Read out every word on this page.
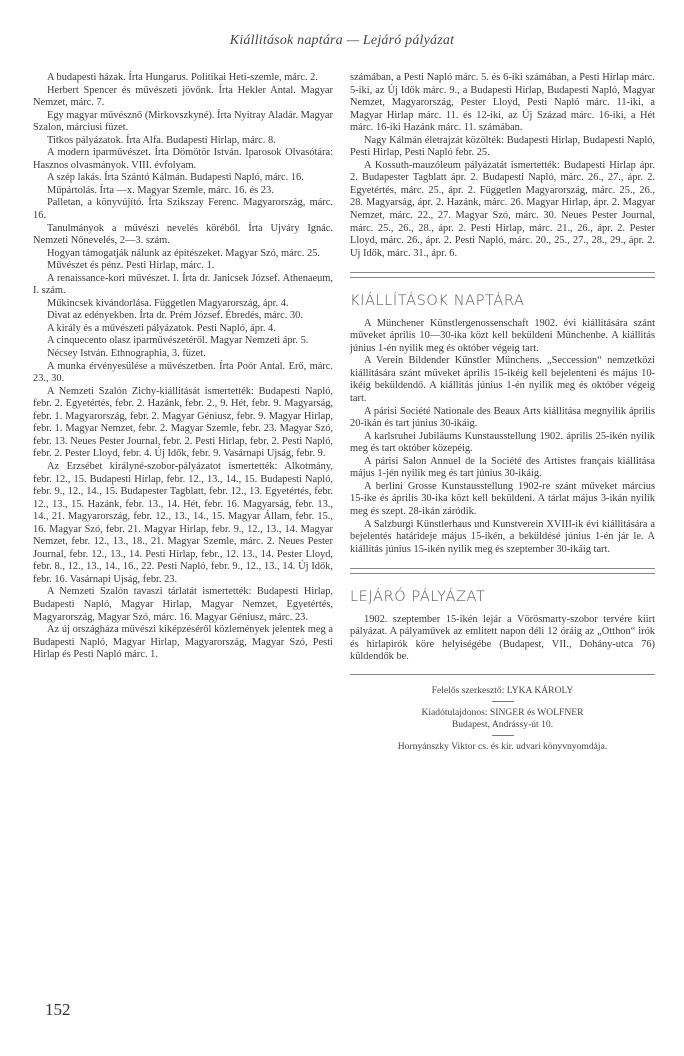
Kiállitások naptára — Lejáró pályázat

A budapesti házak. Írta Hungarus. Politikai Heti-szemle, márc. 2.

Herbert Spencer és művészeti jövőnk. Írta Hekler Antal. Magyar Nemzet, márc. 7.

Egy magyar művésznő (Mirkovszkyné). Írta Nyitray Aladár. Magyar Szalon, márciusi füzet.

Titkos pályázatok. Írta Alfa. Budapesti Hirlap, márc. 8.

A modern iparművészet. Írta Dömötör István. Iparosok Olvasótára: Hasznos olvasmányok. VIII. évfolyam.

A szép lakás. Írta Szántó Kálmán. Budapesti Napló, márc. 16.

Műpártolás. Írta —x. Magyar Szemle, márc. 16. és 23.

Palletan, a könyvújító. Írta Szikszay Ferenc. Magyarország, márc. 16.

Tanulmányok a művészi nevelés köréből. Írta Ujváry Ignác. Nemzeti Nőnevelés, 2—3. szám.

Hogyan támogatják nálunk az épitészeket. Magyar Szó, márc. 25.

Művészet és pénz. Pesti Hirlap, márc. 1.

A renaissance-kori művészet. I. Írta dr. Janicsek József. Athenaeum, I. szám.

Műkincsek kivándorlása. Független Magyarország, ápr. 4.

Divat az edényekben. Írta dr. Prém József. Ébredés, márc. 30.

A király és a művészeti pályázatok. Pesti Napló, ápr. 4.

A cinquecento olasz iparművészetéről. Magyar Nemzeti ápr. 5.

Nécsey István. Ethnographia, 3. füzet.

A munka érvényesülése a művészetben. Írta Poór Antal. Erő, márc. 23., 30.

A Nemzeti Szalón Zichy-kiállitását ismertették: Budapesti Napló, febr. 2. Egyetértés, febr. 2. Hazánk, febr. 2., 9. Hét, febr. 9. Magyarság, febr. 1. Magyarország, febr. 2. Magyar Géniusz, febr. 9. Magyar Hirlap, febr. 1. Magyar Nemzet, febr. 2. Magyar Szemle, febr. 23. Magyar Szó, febr. 13. Neues Pester Journal, febr. 2. Pesti Hirlap, febr. 2. Pesti Napló, febr. 2. Pester Lloyd, febr. 4. Új Idők, febr. 9. Vasárnapi Ujság, febr. 9.

Az Erzsébet királyné-szobor-pályázatot ismertették: Alkotmány, febr. 12., 15. Budapesti Hirlap, febr. 12., 13., 14., 15. Budapesti Napló, febr. 9., 12., 14., 15. Budapester Tagblatt, febr. 12., 13. Egyetértés, febr. 12., 13., 15. Hazánk, febr. 13., 14. Hét, febr. 16. Magyarság, febr. 13., 14., 21. Magyarország, febr. 12., 13., 14., 15. Magyar Állam, febr. 15., 16. Magyar Szó, febr. 21. Magyar Hirlap, febr. 9., 12., 13., 14. Magyar Nemzet, febr. 12., 13., 18., 21. Magyar Szemle, márc. 2. Neues Pester Journal, febr. 12., 13., 14. Pesti Hirlap, febr., 12. 13., 14. Pester Lloyd, febr. 8., 12., 13., 14., 16., 22. Pesti Napló, febr. 9., 12., 13., 14. Új Idők, febr. 16. Vasárnapi Ujság, febr. 23.

A Nemzeti Szalón tavaszi tárlatát ismertették: Budapesti Hirlap, Budapesti Napló, Magyar Hirlap, Magyar Nemzet, Egyetértés, Magyarország, Magyar Szó, márc. 16. Magyar Géniusz, márc. 23.

Az új országháza művészi kiképzéséről közlemények jelentek meg a Budapesti Napló, Magyar Hirlap, Magyarország, Magyar Szó, Pesti Hirlap és Pesti Napló márc. 1.

számában, a Pesti Napló márc. 5. és 6-iki számában, a Pesti Hirlap márc. 5-iki, az Új Idők márc. 9., a Budapesti Hirlap, Budapesti Napló, Magyar Nemzet, Magyarország, Pester Lloyd, Pesti Napló márc. 11-iki, a Magyar Hirlap márc. 11. és 12-iki, az Új Század márc. 16-iki, a Hét márc. 16-iki Hazánk márc. 11. számában.

Nagy Kálmán életrajzát közölték: Budapesti Hirlap, Budapesti Napló, Pesti Hirlap, Pesti Napló febr. 25.

A Kossuth-mauzóleum pályázatát ismertették: Budapesti Hirlap ápr. 2. Budapester Tagblatt ápr. 2. Budapesti Napló, márc. 26., 27., ápr. 2. Egyetértés, márc. 25., ápr. 2. Független Magyarország, márc. 25., 26., 28. Magyarság, ápr. 2. Hazánk, márc. 26. Magyar Hirlap, ápr. 2. Magyar Nemzet, márc. 22., 27. Magyar Szó, márc. 30. Neues Pester Journal, márc. 25., 26., 28., ápr. 2. Pesti Hirlap, márc. 21., 26., ápr. 2. Pester Lloyd, márc. 26., ápr. 2. Pesti Napló, márc. 20., 25., 27., 28., 29., ápr. 2. Uj Idők, márc. 31., ápr. 6.

KIÁLLÍTÁSOK NAPTÁRA

A Münchener Künstlergenossenschaft 1902. évi kiállitására szánt műveket április 10—30-ika közt kell beküldeni Münchenbe. A kiállitás június 1-én nyilik meg és október végeig tart.

A Verein Bildender Künstler Münchens. „Seccession“ nemzetközi kiállitására szánt műveket április 15-ikéig kell bejelenteni és május 10-ikéig beküldendő. A kiállitás június 1-én nyilik meg és október végeig tart.

A párisi Société Nationale des Beaux Arts kiállitása megnyilik április 20-ikán és tart június 30-ikáig.

A karlsruhei Jubiläums Kunstausstellung 1902. április 25-ikén nyilik meg és tart október közepéig.

A párisi Salon Annuel de la Société des Artistes français kiállitása május 1-jén nyilik meg és tart június 30-ikáig.

A berlini Grosse Kunstausstellung 1902-re szánt műveket március 15-ike és április 30-ika közt kell beküldeni. A tárlat május 3-ikán nyilik meg és szept. 28-ikán záródik.

A Salzburgi Künstlerhaus und Kunstverein XVIII-ik évi kiállitására a bejelentés határideje május 15-ikén, a beküldésé június 1-én jár le. A kiállitás június 15-ikén nyilik meg és szeptember 30-ikáig tart.

LEJÁRÓ PÁLYÁZAT

1902. szeptember 15-ikén lejár a Vörösmarty-szobor tervére kiirt pályázat. A pályaművek az emlitett napon déli 12 óráig az „Otthon“ irók és hirlapirók köre helyiségébe (Budapest, VII., Dohány-utca 76) küldendők be.

Felelős szerkesztő: LYKA KÁROLY
Kiadótulajdonos: SINGER és WOLFNER
Budapest, Andrássy-út 10.
Hornyánszky Viktor cs. és kir. udvari könyvnyomdája.
152
